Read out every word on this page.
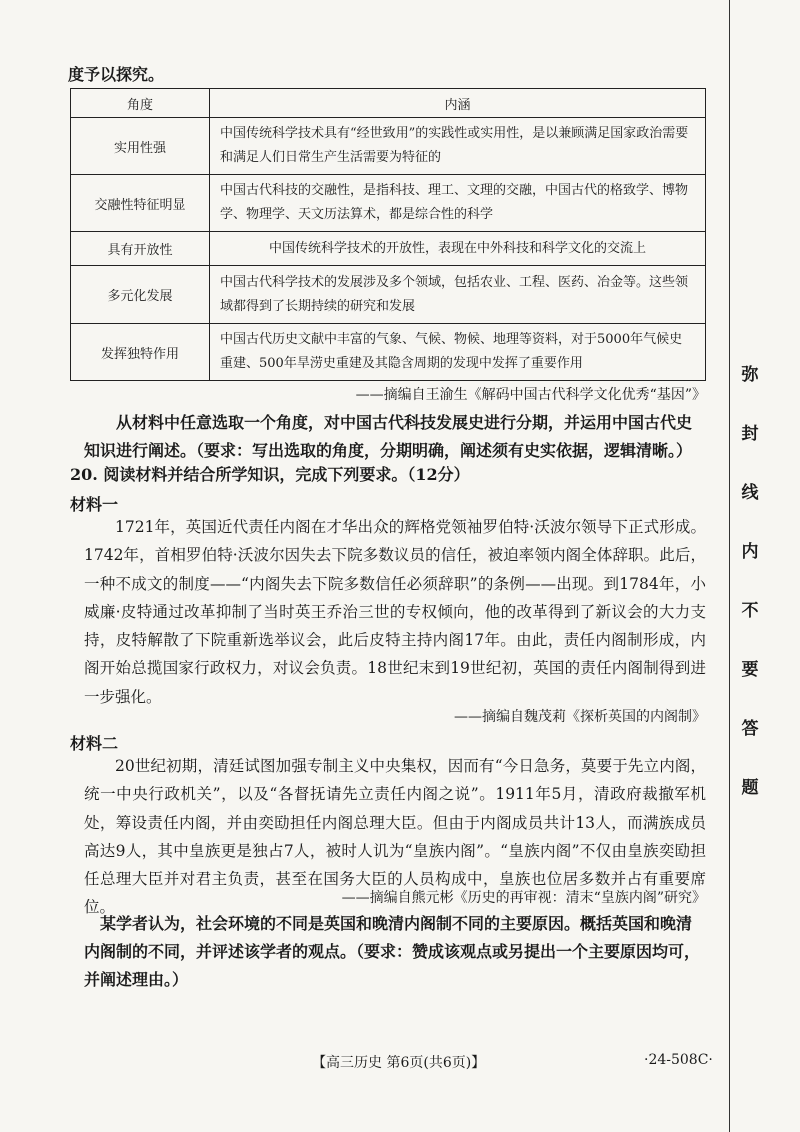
度予以探究。
角度	内涵
实用性强	中国传统科学技术具有“经世致用”的实践性或实用性，是以兼顾满足国家政治需要和满足人们日常生产生活需要为特征的
交融性特征明显	中国古代科技的交融性，是指科技、理工、文理的交融，中国古代的格致学、博物学、物理学、天文历法算术，都是综合性的科学
具有开放性	中国传统科学技术的开放性，表现在中外科技和科学文化的交流上
多元化发展	中国古代科学技术的发展涉及多个领域，包括农业、工程、医药、冶金等。这些领域都得到了长期持续的研究和发展
发挥独特作用	中国古代历史文献中丰富的气象、气候、物候、地理等资料，对于5000年气候史重建、500年旱涝史重建及其隐含周期的发现中发挥了重要作用
——摘编自王渝生《解码中国古代科学文化优秀“基因”》
从材料中任意选取一个角度，对中国古代科技发展史进行分期，并运用中国古代史知识进行阐述。（要求：写出选取的角度，分期明确，阐述须有史实依据，逻辑清晰。）
20. 阅读材料并结合所学知识，完成下列要求。（12分）
材料一
1721年，英国近代责任内阁在才华出众的辉格党领袖罗伯特·沃波尔领导下正式形成。1742年，首相罗伯特·沃波尔因失去下院多数议员的信任，被迫率领内阁全体辞职。此后，一种不成文的制度——“内阁失去下院多数信任必须辞职”的条例——出现。到1784年，小威廉·皮特通过改革抑制了当时英王乔治三世的专权倾向，他的改革得到了新议会的大力支持，皮特解散了下院重新选举议会，此后皮特主持内阁17年。由此，责任内阁制形成，内阁开始总揽国家行政权力，对议会负责。18世纪末到19世纪初，英国的责任内阁制得到进一步强化。
——摘编自魏茂莉《探析英国的内阁制》
材料二
20世纪初期，清廷试图加强专制主义中央集权，因而有“今日急务，莫要于先立内阁，统一中央行政机关”，以及“各督抚请先立责任内阁之说”。1911年5月，清政府裁撤军机处，筹设责任内阁，并由奕劻担任内阁总理大臣。但由于内阁成员共计13人，而满族成员高达9人，其中皇族更是独占7人，被时人讥为“皇族内阁”。“皇族内阁”不仅由皇族奕劻担任总理大臣并对君主负责，甚至在国务大臣的人员构成中，皇族也位居多数并占有重要席位。
——摘编自熊元彬《历史的再审视：清末“皇族内阁”研究》
某学者认为，社会环境的不同是英国和晚清内阁制不同的主要原因。概括英国和晚清内阁制的不同，并评述该学者的观点。（要求：赞成该观点或另提出一个主要原因均可，并阐述理由。）
【高三历史 第6页(共6页)】	·24-508C·
弥
封
线
内
不
要
答
题
